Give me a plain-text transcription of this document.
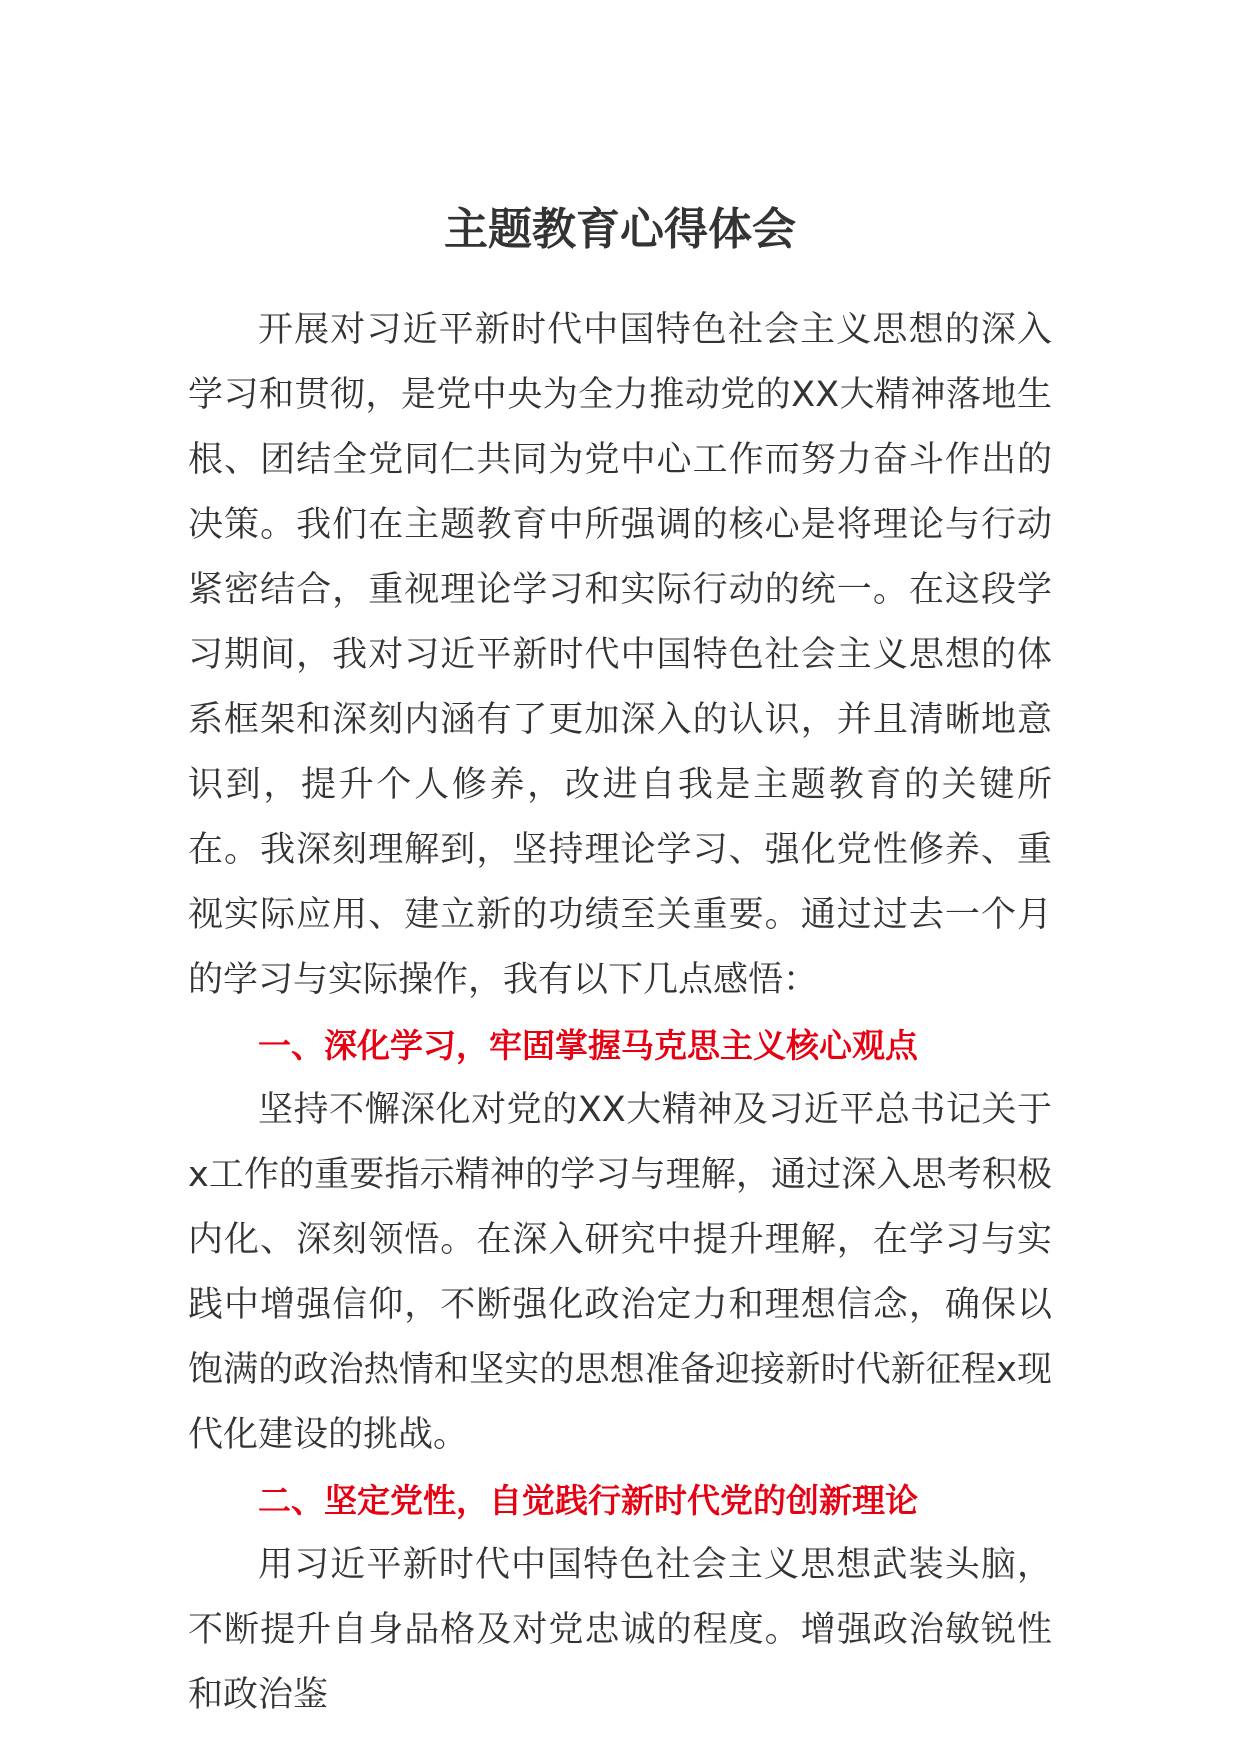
主题教育心得体会

开展对习近平新时代中国特色社会主义思想的深入学习和贯彻，是党中央为全力推动党的XX大精神落地生根、团结全党同仁共同为党中心工作而努力奋斗作出的决策。我们在主题教育中所强调的核心是将理论与行动紧密结合，重视理论学习和实际行动的统一。在这段学习期间，我对习近平新时代中国特色社会主义思想的体系框架和深刻内涵有了更加深入的认识，并且清晰地意识到，提升个人修养，改进自我是主题教育的关键所在。我深刻理解到，坚持理论学习、强化党性修养、重视实际应用、建立新的功绩至关重要。通过过去一个月的学习与实际操作，我有以下几点感悟：

一、深化学习，牢固掌握马克思主义核心观点

坚持不懈深化对党的XX大精神及习近平总书记关于x工作的重要指示精神的学习与理解，通过深入思考积极内化、深刻领悟。在深入研究中提升理解，在学习与实践中增强信仰，不断强化政治定力和理想信念，确保以饱满的政治热情和坚实的思想准备迎接新时代新征程x现代化建设的挑战。

二、坚定党性，自觉践行新时代党的创新理论

用习近平新时代中国特色社会主义思想武装头脑，不断提升自身品格及对党忠诚的程度。增强政治敏锐性和政治鉴
